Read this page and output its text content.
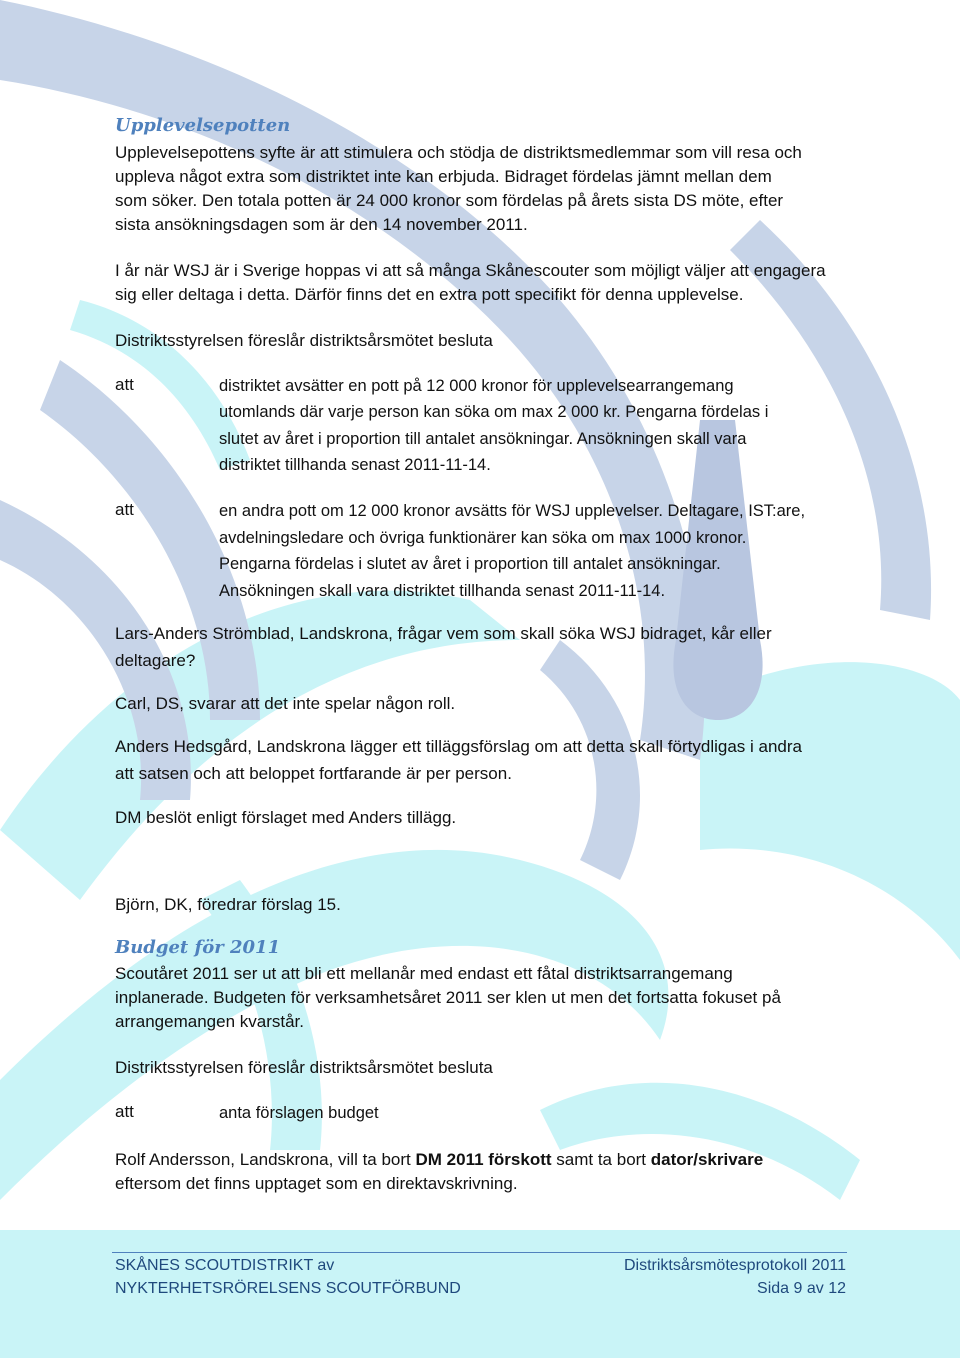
Upplevelsepotten
Upplevelsepottens syfte är att stimulera och stödja de distriktsmedlemmar som vill resa och
uppleva något extra som distriktet inte kan erbjuda. Bidraget fördelas jämnt mellan dem
som söker. Den totala potten är 24 000 kronor som fördelas på årets sista DS möte, efter
sista ansökningsdagen som är den 14 november 2011.
I år när WSJ är i Sverige hoppas vi att så många Skånescouter som möjligt väljer att engagera
sig eller deltaga i detta. Därför finns det en extra pott specifikt för denna upplevelse.
Distriktsstyrelsen föreslår distriktsårsmötet besluta
att	distriktet avsätter en pott på 12 000 kronor för upplevelsearrangemang
utomlands där varje person kan söka om max 2 000 kr. Pengarna fördelas i
slutet av året i proportion till antalet ansökningar. Ansökningen skall vara
distriktet tillhanda senast 2011-11-14.
att	en andra pott om 12 000 kronor avsätts för WSJ upplevelser. Deltagare, IST:are,
avdelningsledare och övriga funktionärer kan söka om max 1000 kronor.
Pengarna fördelas i slutet av året i proportion till antalet ansökningar.
Ansökningen skall vara distriktet tillhanda senast 2011-11-14.
Lars-Anders Strömblad, Landskrona, frågar vem som skall söka WSJ bidraget, kår eller
deltagare?
Carl, DS, svarar att det inte spelar någon roll.
Anders Hedsgård, Landskrona lägger ett tilläggsförslag om att detta skall förtydligas i andra
att satsen och att beloppet fortfarande är per person.
DM beslöt enligt förslaget med Anders tillägg.
Björn, DK, föredrar förslag 15.
Budget för 2011
Scoutåret 2011 ser ut att bli ett mellanår med endast ett fåtal distriktsarrangemang
inplanerade. Budgeten för verksamhetsåret 2011 ser klen ut men det fortsatta fokuset på
arrangemangen kvarstår.
Distriktsstyrelsen föreslår distriktsårsmötet besluta
att	anta förslagen budget
Rolf Andersson, Landskrona, vill ta bort DM 2011 förskott samt ta bort dator/skrivare
eftersom det finns upptaget som en direktavskrivning.
SKÅNES SCOUTDISTRIKT av
NYKTERHETSRÖRELSENS SCOUTFÖRBUND
Distriktsårsmötesprotokoll 2011
Sida 9 av 12
